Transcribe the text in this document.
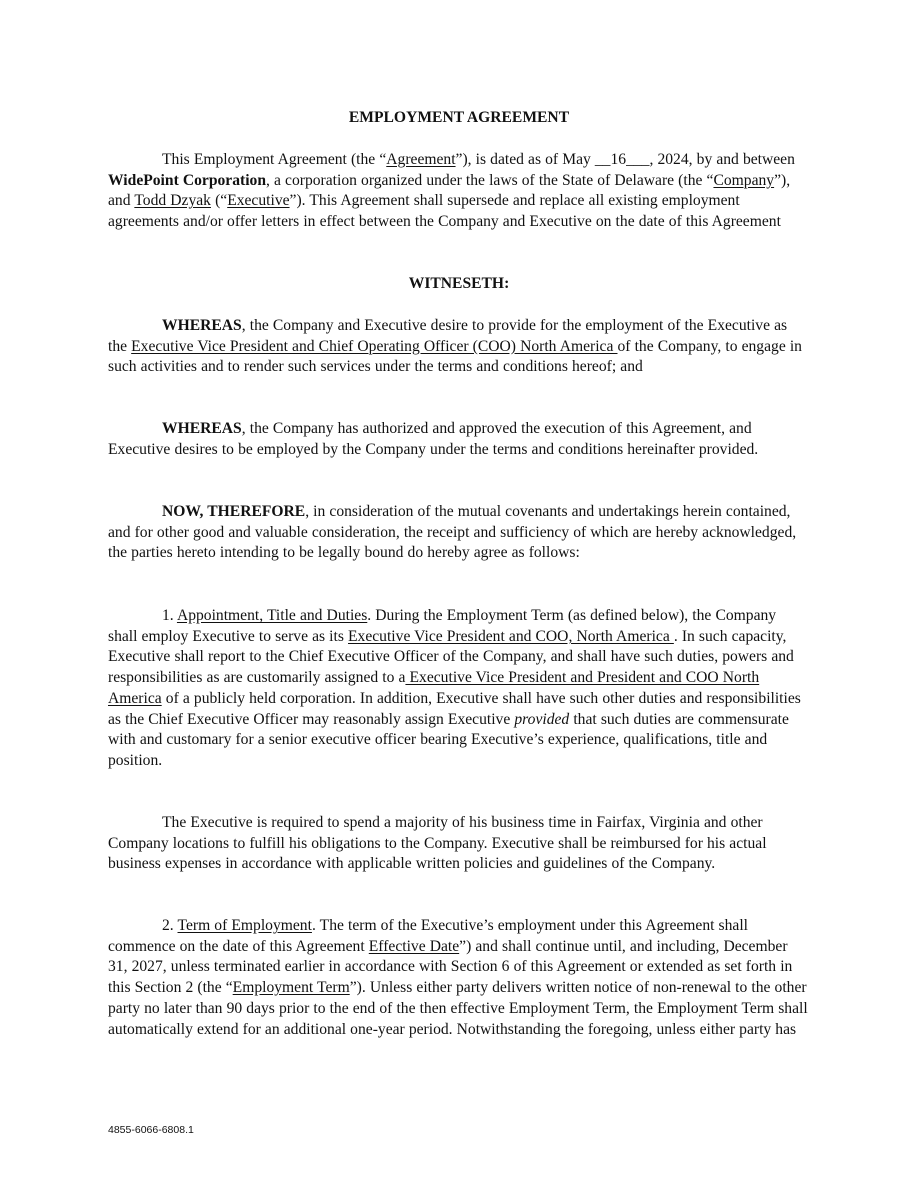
EMPLOYMENT AGREEMENT

This Employment Agreement (the “Agreement”), is dated as of May __16___, 2024, by and between WidePoint Corporation, a corporation organized under the laws of the State of Delaware (the “Company”), and Todd Dzyak (“Executive”). This Agreement shall supersede and replace all existing employment agreements and/or offer letters in effect between the Company and Executive on the date of this Agreement

WITNESETH:

WHEREAS, the Company and Executive desire to provide for the employment of the Executive as the Executive Vice President and Chief Operating Officer (COO) North America of the Company, to engage in such activities and to render such services under the terms and conditions hereof; and

WHEREAS, the Company has authorized and approved the execution of this Agreement, and Executive desires to be employed by the Company under the terms and conditions hereinafter provided.

NOW, THEREFORE, in consideration of the mutual covenants and undertakings herein contained, and for other good and valuable consideration, the receipt and sufficiency of which are hereby acknowledged, the parties hereto intending to be legally bound do hereby agree as follows:

1. Appointment, Title and Duties. During the Employment Term (as defined below), the Company shall employ Executive to serve as its Executive Vice President and COO, North America . In such capacity, Executive shall report to the Chief Executive Officer of the Company, and shall have such duties, powers and responsibilities as are customarily assigned to a Executive Vice President and President and COO North America of a publicly held corporation. In addition, Executive shall have such other duties and responsibilities as the Chief Executive Officer may reasonably assign Executive provided that such duties are commensurate with and customary for a senior executive officer bearing Executive’s experience, qualifications, title and position.

The Executive is required to spend a majority of his business time in Fairfax, Virginia and other Company locations to fulfill his obligations to the Company. Executive shall be reimbursed for his actual business expenses in accordance with applicable written policies and guidelines of the Company.

2. Term of Employment. The term of the Executive’s employment under this Agreement shall commence on the date of this Agreement Effective Date”) and shall continue until, and including, December 31, 2027, unless terminated earlier in accordance with Section 6 of this Agreement or extended as set forth in this Section 2 (the “Employment Term”). Unless either party delivers written notice of non-renewal to the other party no later than 90 days prior to the end of the then effective Employment Term, the Employment Term shall automatically extend for an additional one-year period. Notwithstanding the foregoing, unless either party has

4855-6066-6808.1
